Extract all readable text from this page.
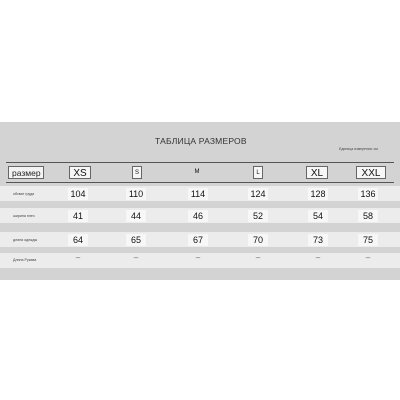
ТАБЛИЦА РАЗМЕРОВ
Единица измерения: см
размер	XS	S	M	L	XL	XXL
обхват груди	104	110	114	124	128	136
ширина плеч	41	44	46	52	54	58
длина одежды	64	65	67	70	73	75
Длина Рукава	–	–	–	–	–	–
